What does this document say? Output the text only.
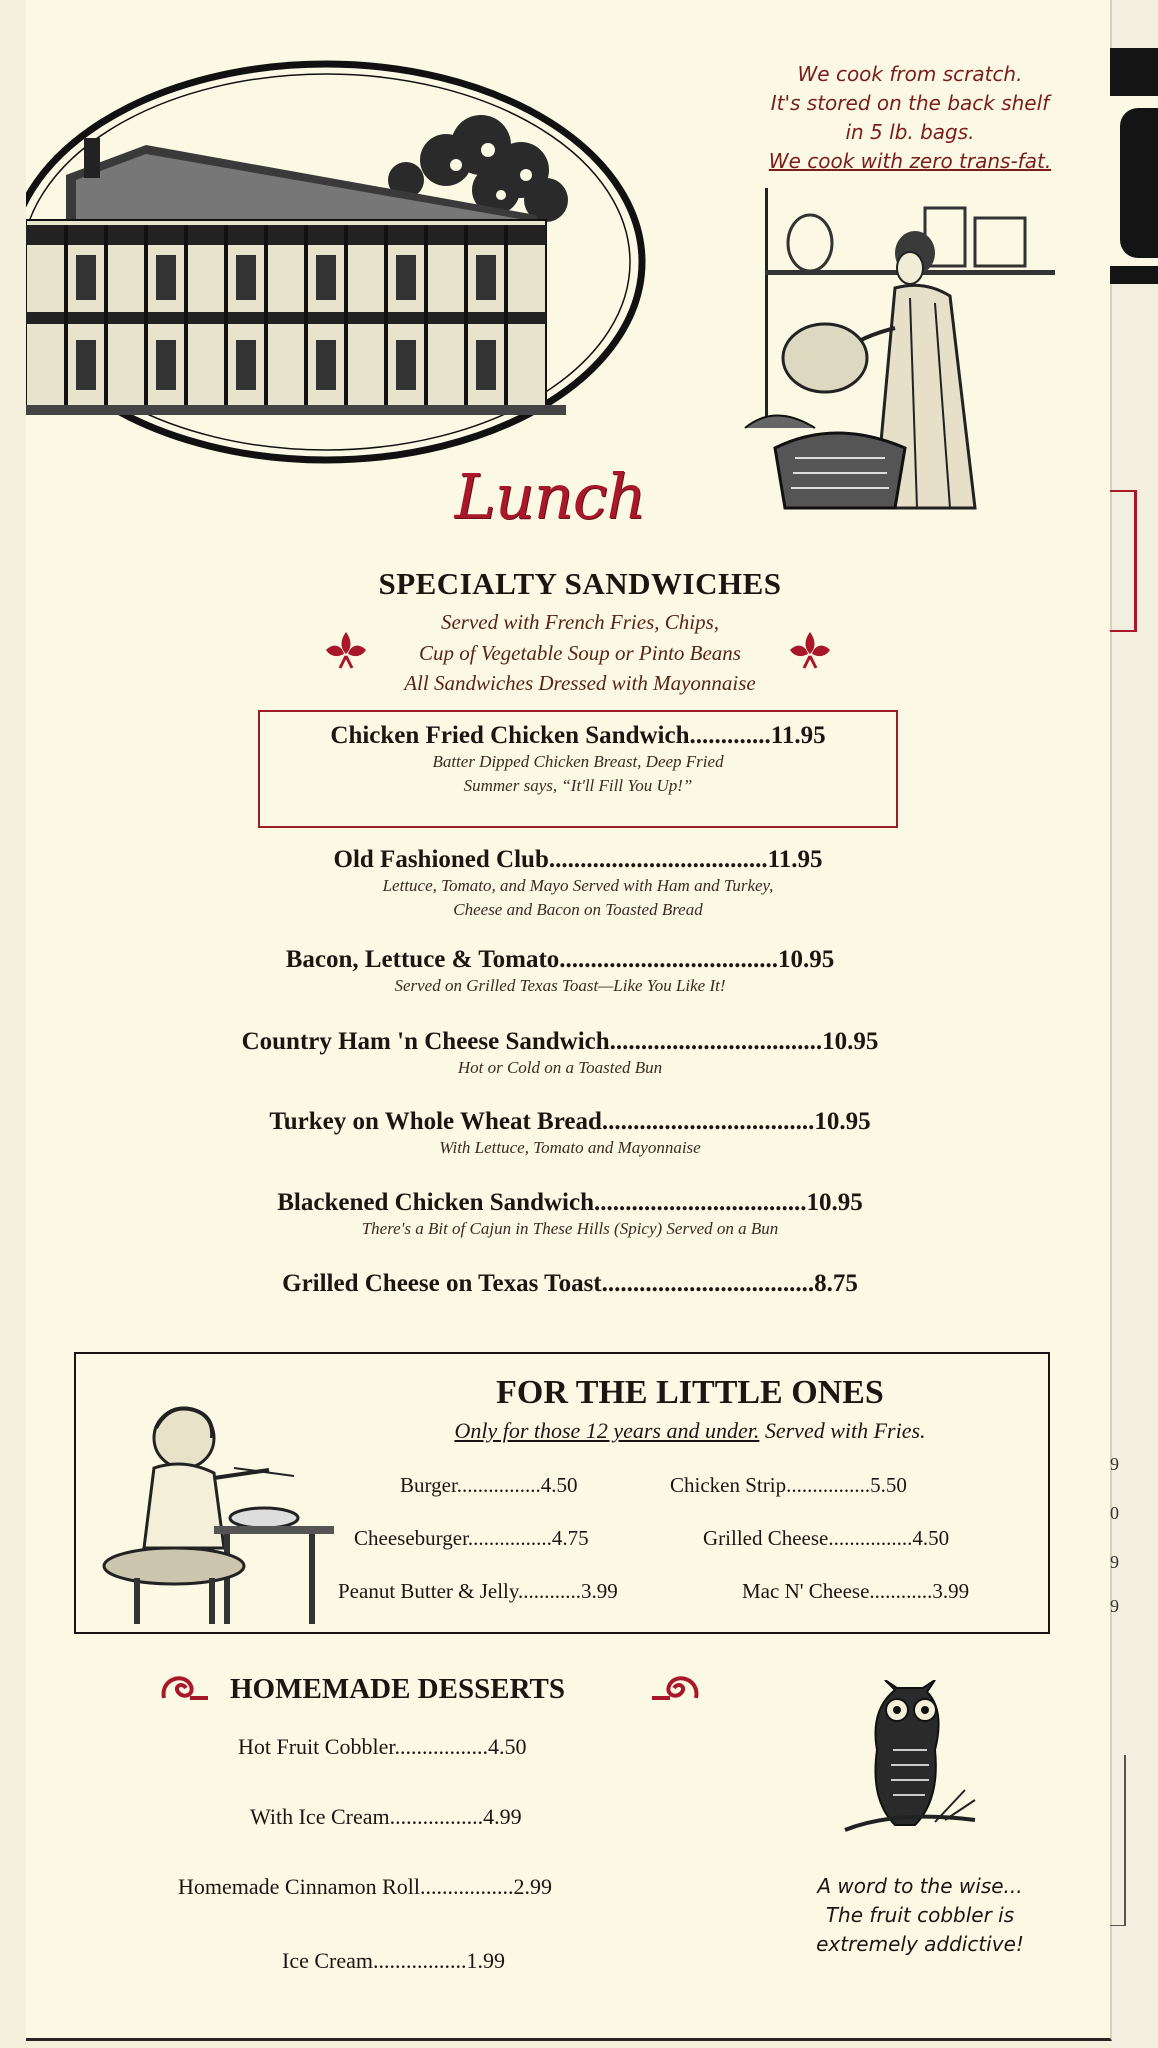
We cook from scratch.
It's stored on the back shelf
in 5 lb. bags.
We cook with zero trans-fat.
Lunch
SPECIALTY SANDWICHES
Served with French Fries, Chips,
Cup of Vegetable Soup or Pinto Beans
All Sandwiches Dressed with Mayonnaise
Chicken Fried Chicken Sandwich.............11.95
Batter Dipped Chicken Breast, Deep Fried
Summer says, “It'll Fill You Up!”
Old Fashioned Club...................................11.95
Lettuce, Tomato, and Mayo Served with Ham and Turkey,
Cheese and Bacon on Toasted Bread
Bacon, Lettuce & Tomato...................................10.95
Served on Grilled Texas Toast—Like You Like It!
Country Ham 'n Cheese Sandwich..................................10.95
Hot or Cold on a Toasted Bun
Turkey on Whole Wheat Bread..................................10.95
With Lettuce, Tomato and Mayonnaise
Blackened Chicken Sandwich..................................10.95
There's a Bit of Cajun in These Hills (Spicy) Served on a Bun
Grilled Cheese on Texas Toast..................................8.75
FOR THE LITTLE ONES
Only for those 12 years and under. Served with Fries.
Burger................4.50	Chicken Strip................5.50
Cheeseburger................4.75	Grilled Cheese................4.50
Peanut Butter & Jelly............3.99	Mac N' Cheese............3.99
HOMEMADE DESSERTS
Hot Fruit Cobbler.................4.50
With Ice Cream.................4.99
Homemade Cinnamon Roll.................2.99
Ice Cream.................1.99
A word to the wise...
The fruit cobbler is
extremely addictive!
9
0
9
9
